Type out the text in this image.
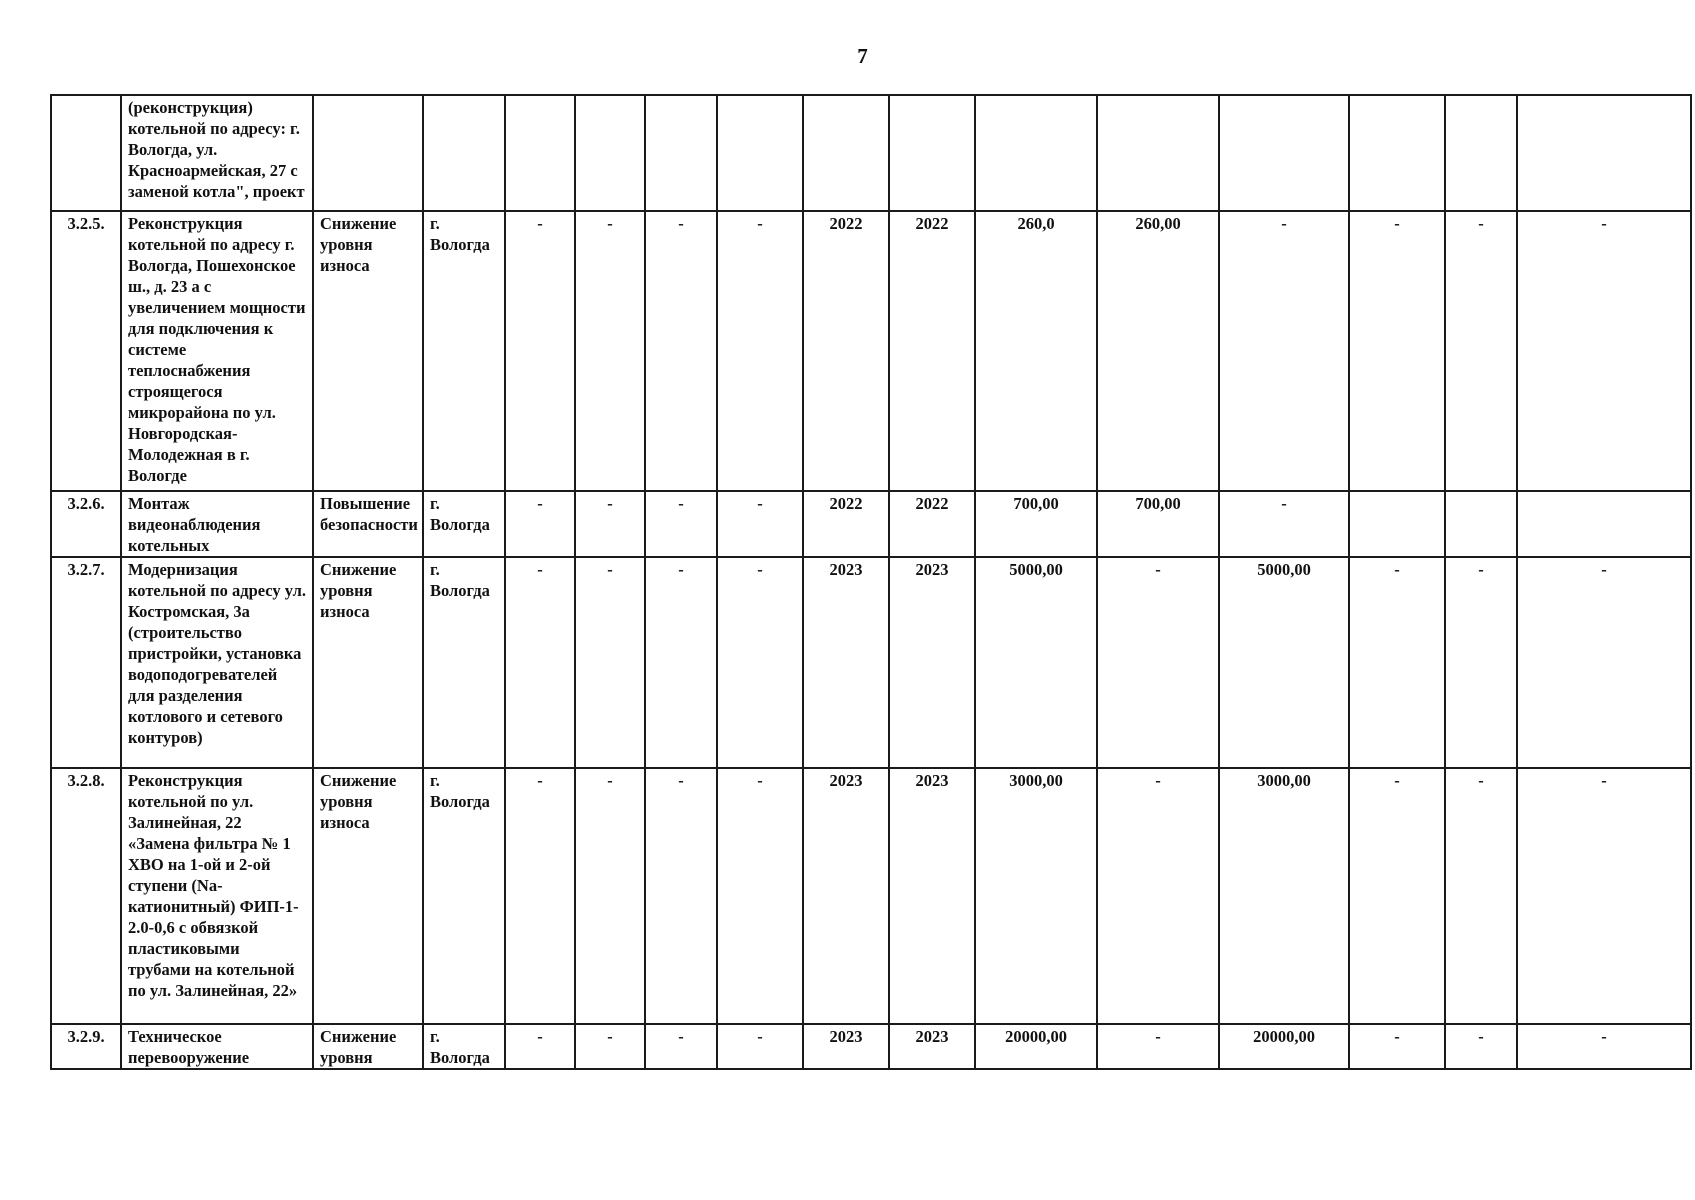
7
	(реконструкция) котельной по адресу: г. Вологда, ул. Красноармейская, 27 с заменой котла", проект														
3.2.5.	Реконструкция котельной по адресу г. Вологда, Пошехонское ш., д. 23 а с увеличением мощности для подключения к системе теплоснабжения строящегося микрорайона по ул. Новгородская-Молодежная в г. Вологде	Снижение уровня износа	г. Вологда	-	-	-	-	2022	2022	260,0	260,00	-	-	-	-
3.2.6.	Монтаж видеонаблюдения котельных	Повышение безопасности	г. Вологда	-	-	-	-	2022	2022	700,00	700,00	-			
3.2.7.	Модернизация котельной по адресу ул. Костромская, 3а (строительство пристройки, установка водоподогревателей для разделения котлового и сетевого контуров)	Снижение уровня износа	г. Вологда	-	-	-	-	2023	2023	5000,00	-	5000,00	-	-	-
3.2.8.	Реконструкция котельной по ул. Залинейная, 22 «Замена фильтра № 1 ХВО на 1-ой и 2-ой ступени (Na-катионитный) ФИП-1-2.0-0,6 с обвязкой пластиковыми трубами на котельной по ул. Залинейная, 22»	Снижение уровня износа	г. Вологда	-	-	-	-	2023	2023	3000,00	-	3000,00	-	-	-
3.2.9.	Техническое перевооружение	Снижение уровня	г. Вологда	-	-	-	-	2023	2023	20000,00	-	20000,00	-	-	-
